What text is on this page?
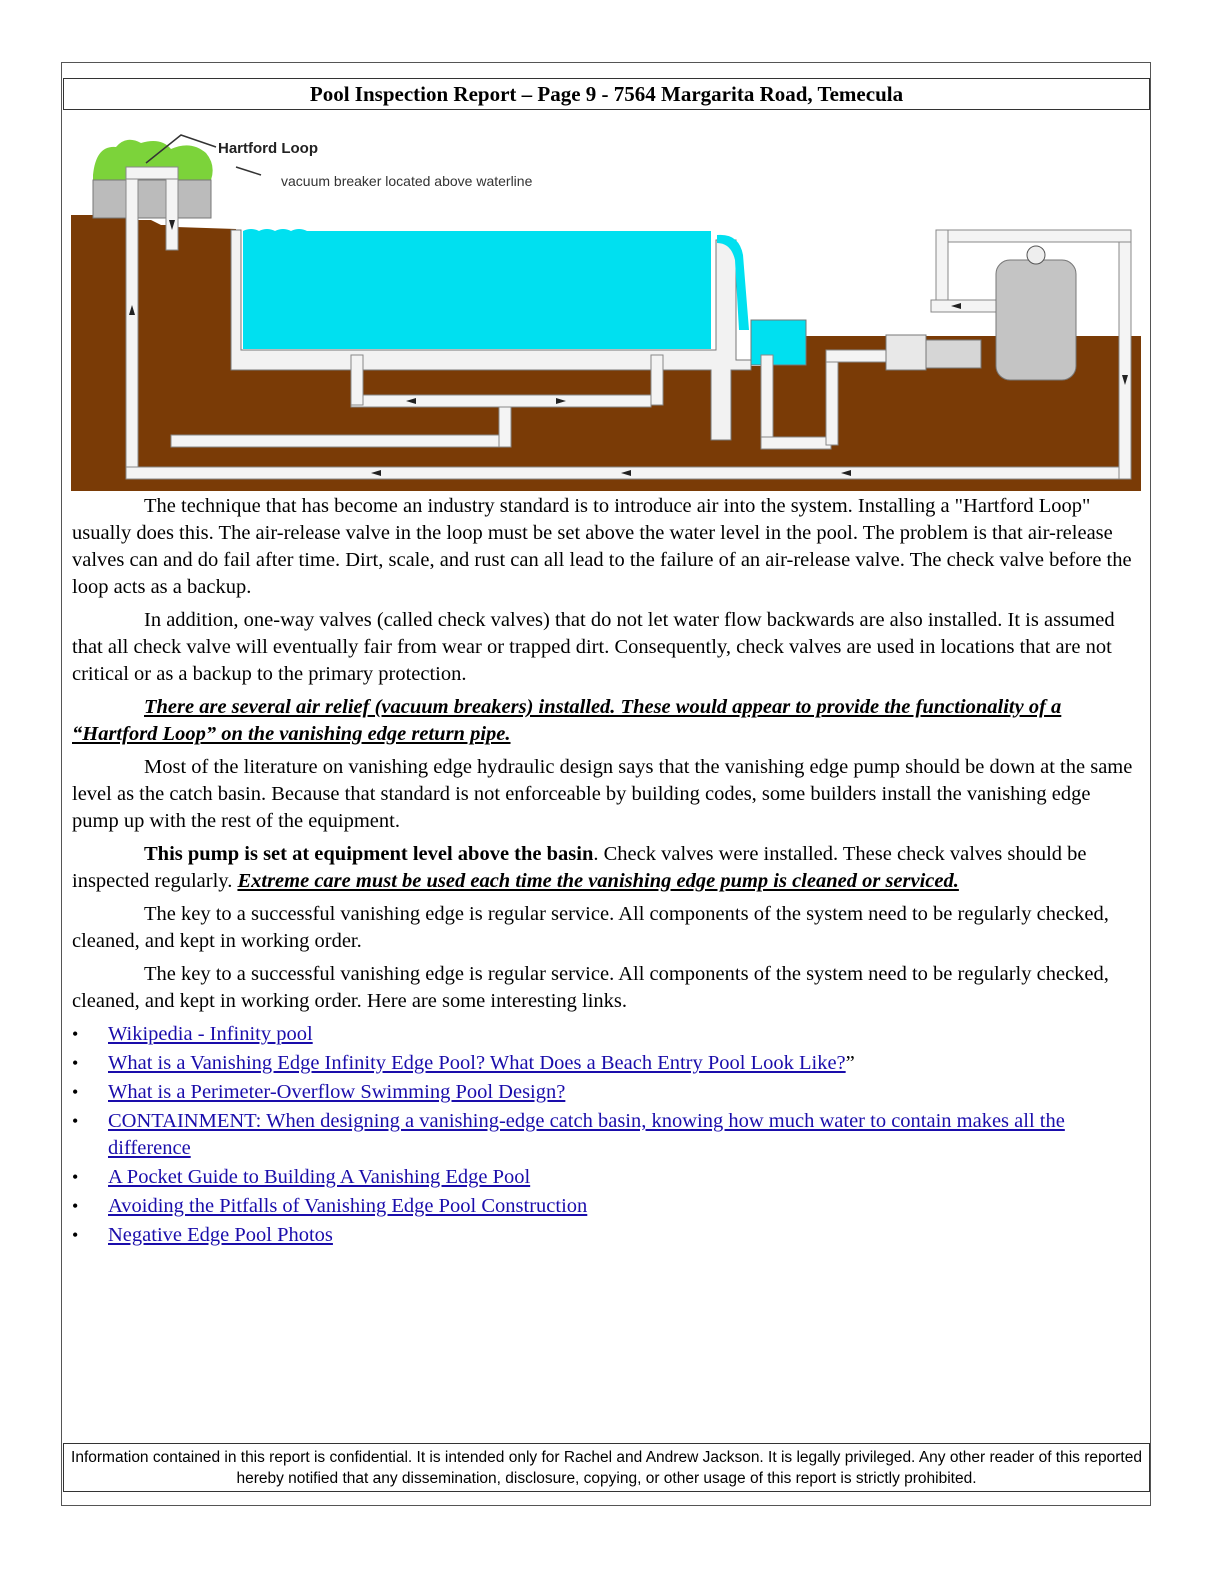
Pool Inspection Report – Page 9 - 7564 Margarita Road, Temecula
Hartford Loop
vacuum breaker located above waterline

The technique that has become an industry standard is to introduce air into the system. Installing a "Hartford Loop" usually does this. The air-release valve in the loop must be set above the water level in the pool. The problem is that air-release valves can and do fail after time. Dirt, scale, and rust can all lead to the failure of an air-release valve. The check valve before the loop acts as a backup.

In addition, one-way valves (called check valves) that do not let water flow backwards are also installed. It is assumed that all check valve will eventually fair from wear or trapped dirt. Consequently, check valves are used in locations that are not critical or as a backup to the primary protection.

There are several air relief (vacuum breakers) installed. These would appear to provide the functionality of a “Hartford Loop” on the vanishing edge return pipe.

Most of the literature on vanishing edge hydraulic design says that the vanishing edge pump should be down at the same level as the catch basin. Because that standard is not enforceable by building codes, some builders install the vanishing edge pump up with the rest of the equipment.

This pump is set at equipment level above the basin. Check valves were installed. These check valves should be inspected regularly. Extreme care must be used each time the vanishing edge pump is cleaned or serviced.

The key to a successful vanishing edge is regular service. All components of the system need to be regularly checked, cleaned, and kept in working order.

The key to a successful vanishing edge is regular service. All components of the system need to be regularly checked, cleaned, and kept in working order. Here are some interesting links.

• Wikipedia - Infinity pool
• What is a Vanishing Edge Infinity Edge Pool? What Does a Beach Entry Pool Look Like?”
• What is a Perimeter-Overflow Swimming Pool Design?
• CONTAINMENT: When designing a vanishing-edge catch basin, knowing how much water to contain makes all the difference
• A Pocket Guide to Building A Vanishing Edge Pool
• Avoiding the Pitfalls of Vanishing Edge Pool Construction
• Negative Edge Pool Photos
Information contained in this report is confidential. It is intended only for Rachel and Andrew Jackson. It is legally privileged. Any other reader of this reported hereby notified that any dissemination, disclosure, copying, or other usage of this report is strictly prohibited.
